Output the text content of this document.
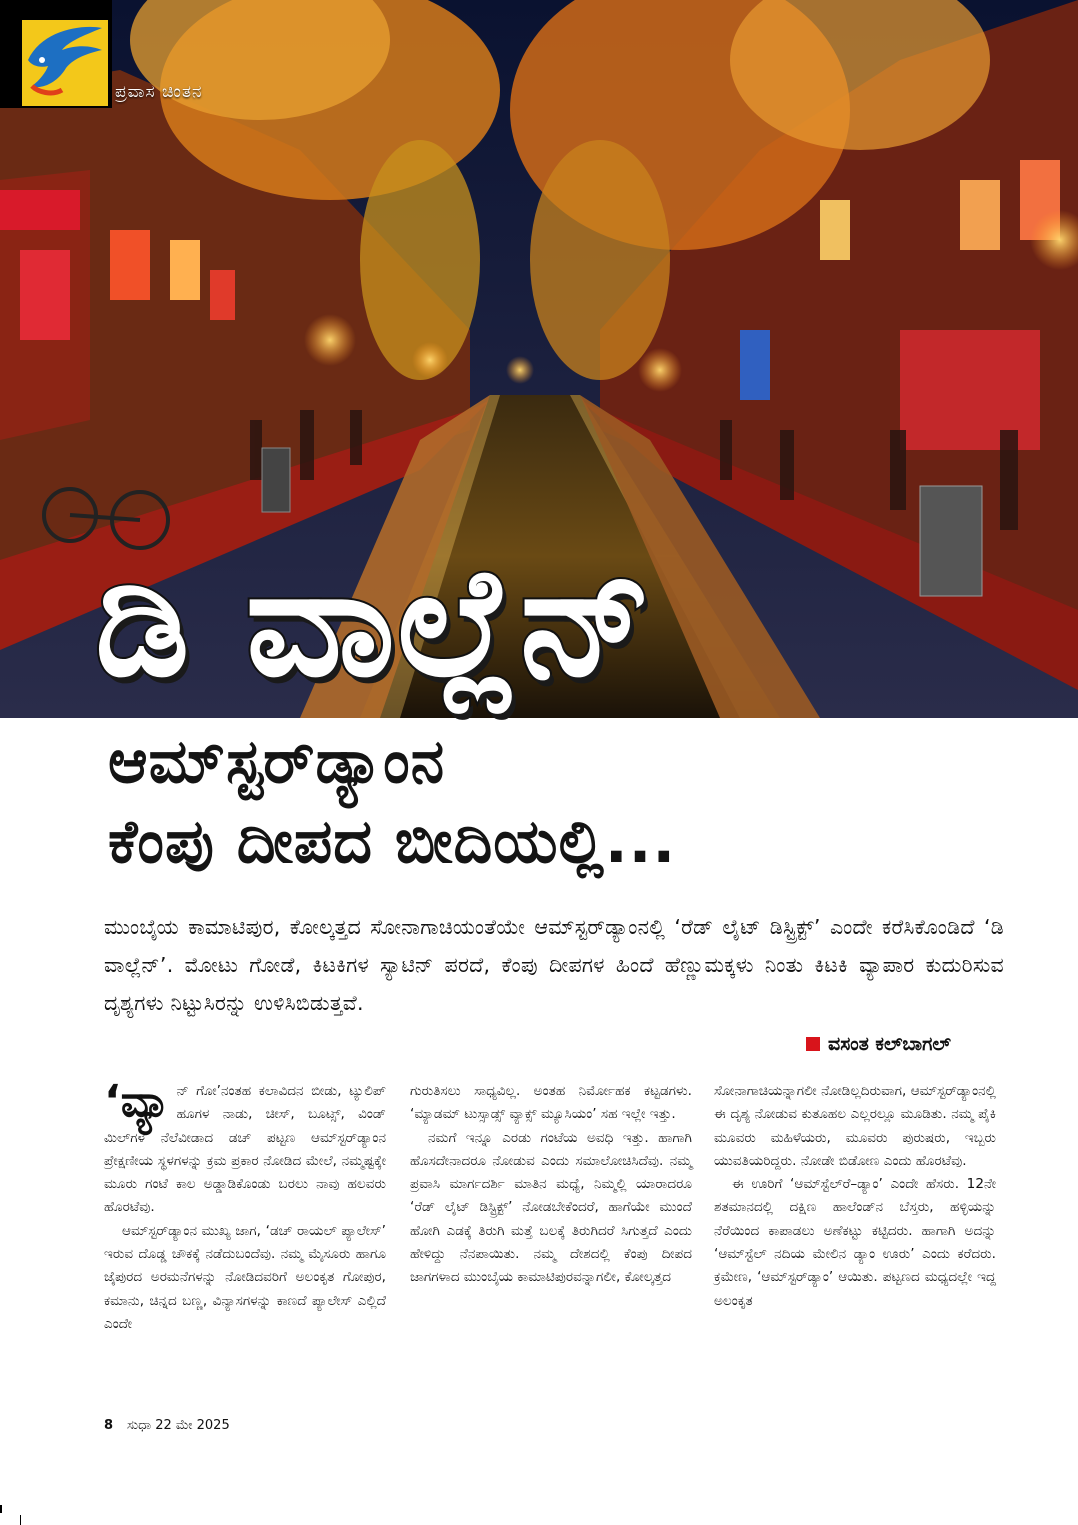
ಪ್ರವಾಸ ಚಿಂತನ
ಡಿ ವಾಲ್ಲೆನ್
ಆಮ್‌ಸ್ಟರ್‌ಡ್ಯಾಂನ
ಕೆಂಪು ದೀಪದ ಬೀದಿಯಲ್ಲಿ...
ಮುಂಬೈಯ ಕಾಮಾಟಿಪುರ, ಕೋಲ್ಕತ್ತದ ಸೋನಾಗಾಚಿಯಂತೆಯೇ ಆಮ್‌ಸ್ಟರ್‌ಡ್ಯಾಂನಲ್ಲಿ ‘ರೆಡ್ ಲೈಟ್ ಡಿಸ್ಟ್ರಿಕ್ಟ್’ ಎಂದೇ ಕರೆಸಿಕೊಂಡಿದೆ ‘ಡಿ ವಾಲ್ಲೆನ್’. ಮೋಟು ಗೋಡೆ, ಕಿಟಕಿಗಳ ಸ್ಯಾಟಿನ್ ಪರದೆ, ಕೆಂಪು ದೀಪಗಳ ಹಿಂದೆ ಹೆಣ್ಣುಮಕ್ಕಳು ನಿಂತು ಕಿಟಕಿ ವ್ಯಾಪಾರ ಕುದುರಿಸುವ ದೃಶ್ಯಗಳು ನಿಟ್ಟುಸಿರನ್ನು ಉಳಿಸಿಬಿಡುತ್ತವೆ.
ವಸಂತ ಕಲ್‌ಬಾಗಲ್

‘ವ್ಯಾ ನ್ ಗೋ’ನಂತಹ ಕಲಾವಿದನ ಬೀಡು, ಟ್ಯುಲಿಪ್ ಹೂಗಳ ನಾಡು, ಚೀಸ್, ಬೂಟ್ಸ್, ವಿಂಡ್ ಮಿಲ್‌ಗಳ ನೆಲೆವೀಡಾದ ಡಚ್ ಪಟ್ಟಣ ಆಮ್‌ಸ್ಟರ್‌ಡ್ಯಾಂನ ಪ್ರೇಕ್ಷಣೀಯ ಸ್ಥಳಗಳನ್ನು ಕ್ರಮ ಪ್ರಕಾರ ನೋಡಿದ ಮೇಲೆ, ನಮ್ಮಷ್ಟಕ್ಕೇ ಮೂರು ಗಂಟೆ ಕಾಲ ಅಡ್ಡಾಡಿಕೊಂಡು ಬರಲು ನಾವು ಹಲವರು ಹೊರಟೆವು.

ಆಮ್‌ಸ್ಟರ್‌ಡ್ಯಾಂನ ಮುಖ್ಯ ಜಾಗ, ‘ಡಚ್ ರಾಯಲ್ ಪ್ಯಾಲೇಸ್’ ಇರುವ ದೊಡ್ಡ ಚೌಕಕ್ಕೆ ನಡೆದುಬಂದೆವು. ನಮ್ಮ ಮೈಸೂರು ಹಾಗೂ ಜೈಪುರದ ಅರಮನೆಗಳನ್ನು ನೋಡಿದವರಿಗೆ ಅಲಂಕೃತ ಗೋಪುರ, ಕಮಾನು, ಚಿನ್ನದ ಬಣ್ಣ, ವಿನ್ಯಾಸಗಳನ್ನು ಕಾಣದೆ ಪ್ಯಾಲೇಸ್ ಎಲ್ಲಿದೆ ಎಂದೇ

ಗುರುತಿಸಲು ಸಾಧ್ಯವಿಲ್ಲ. ಅಂತಹ ನಿರ್ಮೋಹಕ ಕಟ್ಟಡಗಳು. ‘ಮ್ಯಾಡಮ್ ಟುಸ್ಸಾಡ್ಸ್ ವ್ಯಾಕ್ಸ್ ಮ್ಯೂಸಿಯಂ’ ಸಹ ಇಲ್ಲೇ ಇತ್ತು.

ನಮಗೆ ಇನ್ನೂ ಎರಡು ಗಂಟೆಯ ಅವಧಿ ಇತ್ತು. ಹಾಗಾಗಿ ಹೊಸದೇನಾದರೂ ನೋಡುವ ಎಂದು ಸಮಾಲೋಚಿಸಿದೆವು. ನಮ್ಮ ಪ್ರವಾಸಿ ಮಾರ್ಗದರ್ಶಿ ಮಾತಿನ ಮಧ್ಯೆ, ನಿಮ್ಮಲ್ಲಿ ಯಾರಾದರೂ ‘ರೆಡ್ ಲೈಟ್ ಡಿಸ್ಟ್ರಿಕ್ಟ್’ ನೋಡಬೇಕೆಂದರೆ, ಹಾಗೆಯೇ ಮುಂದೆ ಹೋಗಿ ಎಡಕ್ಕೆ ತಿರುಗಿ ಮತ್ತೆ ಬಲಕ್ಕೆ ತಿರುಗಿದರೆ ಸಿಗುತ್ತದೆ ಎಂದು ಹೇಳಿದ್ದು ನೆನಪಾಯಿತು. ನಮ್ಮ ದೇಶದಲ್ಲಿ ಕೆಂಪು ದೀಪದ ಜಾಗಗಳಾದ ಮುಂಬೈಯ ಕಾಮಾಟಿಪುರವನ್ನಾಗಲೀ, ಕೋಲ್ಕತ್ತದ

ಸೋನಾಗಾಚಿಯನ್ನಾಗಲೀ ನೋಡಿಲ್ಲದಿರುವಾಗ, ಆಮ್‌ಸ್ಟರ್‌ಡ್ಯಾಂನಲ್ಲಿ ಈ ದೃಶ್ಯ ನೋಡುವ ಕುತೂಹಲ ಎಲ್ಲರಲ್ಲೂ ಮೂಡಿತು. ನಮ್ಮ ಪೈಕಿ ಮೂವರು ಮಹಿಳೆಯರು, ಮೂವರು ಪುರುಷರು, ಇಬ್ಬರು ಯುವತಿಯರಿದ್ದರು. ನೋಡೇ ಬಿಡೋಣ ಎಂದು ಹೊರಟೆವು.

ಈ ಊರಿಗೆ ‘ಆಮ್‌ಸ್ಟೆಲ್‌ರೆ–ಡ್ಯಾಂ’ ಎಂದೇ ಹೆಸರು. 12ನೇ ಶತಮಾನದಲ್ಲಿ ದಕ್ಷಿಣ ಹಾಲೆಂಡ್‌ನ ಬೆಸ್ತರು, ಹಳ್ಳಿಯನ್ನು ನೆರೆಯಿಂದ ಕಾಪಾಡಲು ಅಣೆಕಟ್ಟು ಕಟ್ಟಿದರು. ಹಾಗಾಗಿ ಅದನ್ನು ‘ಆಮ್‌ಸ್ಟೆಲ್ ನದಿಯ ಮೇಲಿನ ಡ್ಯಾಂ ಊರು’ ಎಂದು ಕರೆದರು. ಕ್ರಮೇಣ, ‘ಆಮ್‌ಸ್ಟರ್‌ಡ್ಯಾಂ’ ಆಯಿತು. ಪಟ್ಟಣದ ಮಧ್ಯದಲ್ಲೇ ಇದ್ದ ಅಲಂಕೃತ

8 ಸುಧಾ 22 ಮೇ 2025
